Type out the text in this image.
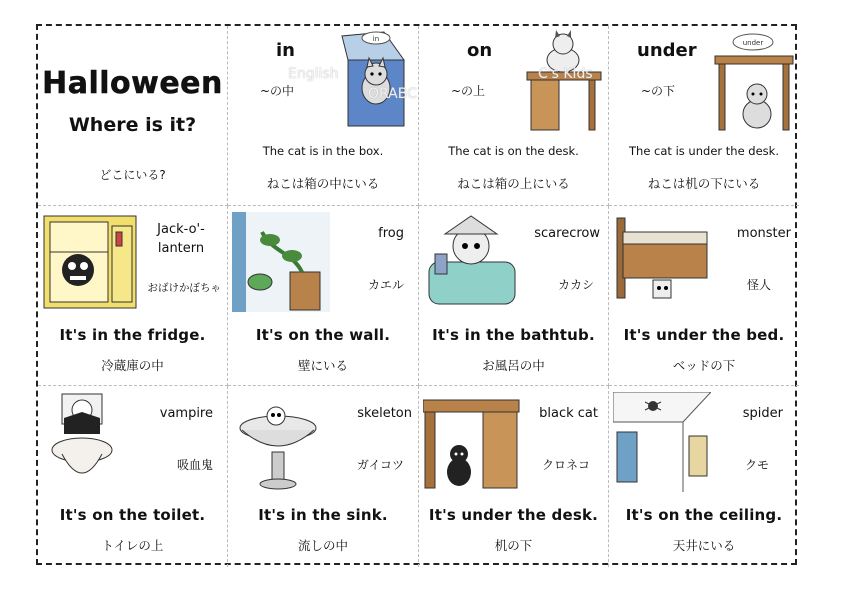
Halloween
Where is it?
どこにいる?
in
~の中
in
The cat is in the box.
ねこは箱の中にいる
on
~の上
The cat is on the desk.
ねこは箱の上にいる
under
~の下
under
The cat is under the desk.
ねこは机の下にいる
Jack-o'-lantern
おばけかぼちゃ
It's in the fridge.
冷蔵庫の中
frog
カエル
It's on the wall.
壁にいる
scarecrow
カカシ
It's in the bathtub.
お風呂の中
monster
怪人
It's under the bed.
ベッドの下
vampire
吸血鬼
It's on the toilet.
トイレの上
skeleton
ガイコツ
It's in the sink.
流しの中
black cat
クロネコ
It's under the desk.
机の下
spider
クモ
It's on the ceiling.
天井にいる
English	C's Kids
ORABC
